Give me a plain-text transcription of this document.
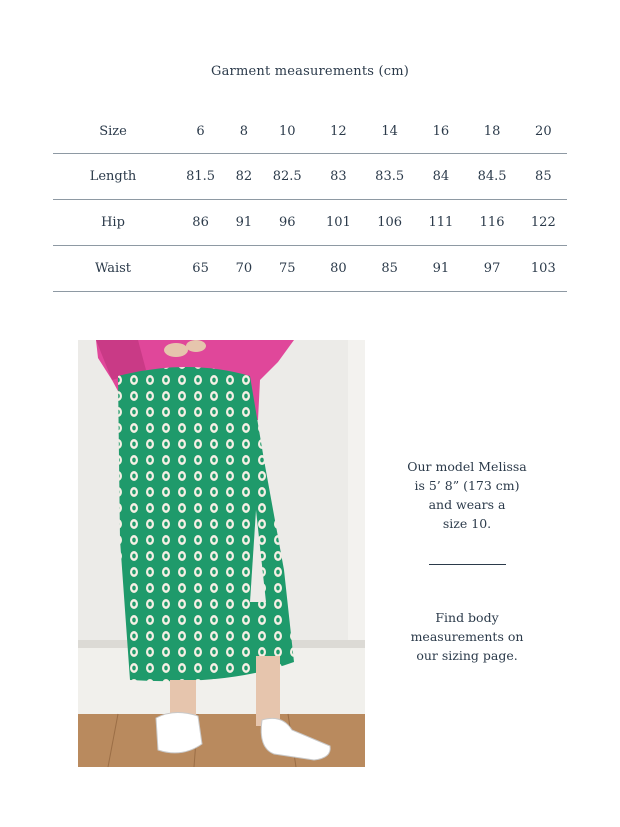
Garment measurements (cm)
Size	6	8	10	12	14	16	18	20
Length	81.5	82	82.5	83	83.5	84	84.5	85
Hip	86	91	96	101	106	111	116	122
Waist	65	70	75	80	85	91	97	103
Our model Melissa
is 5’ 8” (173 cm)
and wears a
size 10.
Find body
measurements on
our sizing page.
